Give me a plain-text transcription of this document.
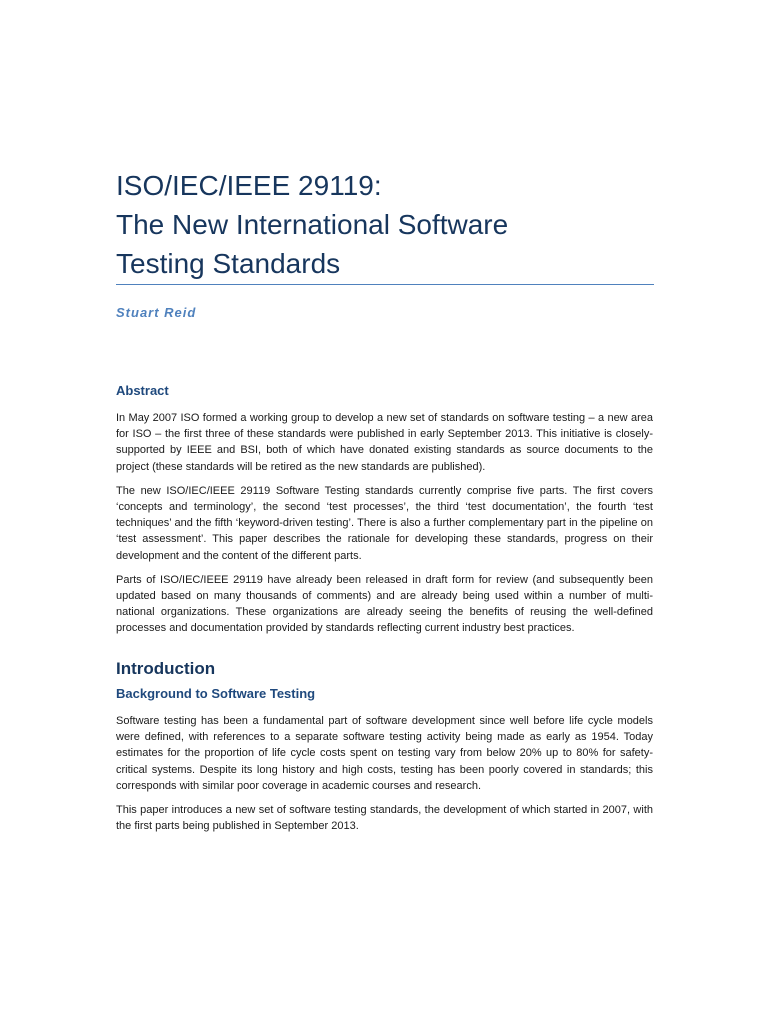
ISO/IEC/IEEE 29119:
The New International Software
Testing Standards
Stuart Reid
Abstract

In May 2007 ISO formed a working group to develop a new set of standards on software testing – a new area for ISO – the first three of these standards were published in early September 2013. This initiative is closely-supported by IEEE and BSI, both of which have donated existing standards as source documents to the project (these standards will be retired as the new standards are published).

The new ISO/IEC/IEEE 29119 Software Testing standards currently comprise five parts. The first covers ‘concepts and terminology’, the second ‘test processes’, the third ‘test documentation’, the fourth ‘test techniques’ and the fifth ‘keyword-driven testing’. There is also a further complementary part in the pipeline on ‘test assessment’. This paper describes the rationale for developing these standards, progress on their development and the content of the different parts.

Parts of ISO/IEC/IEEE 29119 have already been released in draft form for review (and subsequently been updated based on many thousands of comments) and are already being used within a number of multi-national organizations. These organizations are already seeing the benefits of reusing the well-defined processes and documentation provided by standards reflecting current industry best practices.

Introduction
Background to Software Testing

Software testing has been a fundamental part of software development since well before life cycle models were defined, with references to a separate software testing activity being made as early as 1954. Today estimates for the proportion of life cycle costs spent on testing vary from below 20% up to 80% for safety-critical systems. Despite its long history and high costs, testing has been poorly covered in standards; this corresponds with similar poor coverage in academic courses and research.

This paper introduces a new set of software testing standards, the development of which started in 2007, with the first parts being published in September 2013.
